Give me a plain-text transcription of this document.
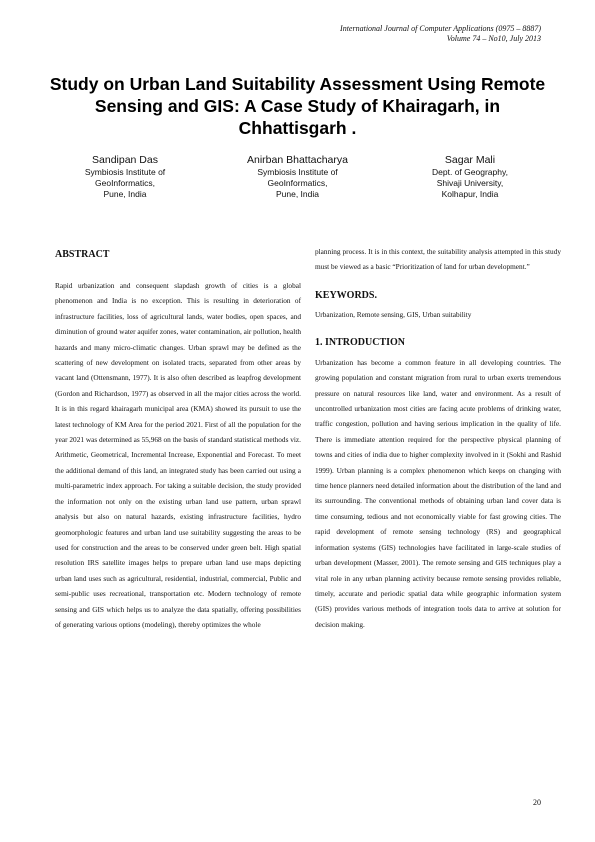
International Journal of Computer Applications (0975 – 8887)
Volume 74 – No10, July 2013
Study on Urban Land Suitability Assessment Using Remote Sensing and GIS: A Case Study of Khairagarh, in Chhattisgarh .
Sandipan Das
Symbiosis Institute of
GeoInformatics,
Pune, India
Anirban Bhattacharya
Symbiosis Institute of
GeoInformatics,
Pune, India
Sagar Mali
Dept. of Geography,
Shivaji University,
Kolhapur, India
ABSTRACT

Rapid urbanization and consequent slapdash growth of cities is a global phenomenon and India is no exception. This is resulting in deterioration of infrastructure facilities, loss of agricultural lands, water bodies, open spaces, and diminution of ground water aquifer zones, water contamination, air pollution, health hazards and many micro-climatic changes. Urban sprawl may be defined as the scattering of new development on isolated tracts, separated from other areas by vacant land (Ottensmann, 1977). It is also often described as leapfrog development (Gordon and Richardson, 1977) as observed in all the major cities across the world. It is in this regard khairagarh municipal area (KMA) showed its pursuit to use the latest technology of KM Area for the period 2021. First of all the population for the year 2021 was determined as 55,968 on the basis of standard statistical methods viz. Arithmetic, Geometrical, Incremental Increase, Exponential and Forecast. To meet the additional demand of this land, an integrated study has been carried out using a multi-parametric index approach. For taking a suitable decision, the study provided the information not only on the existing urban land use pattern, urban sprawl analysis but also on natural hazards, existing infrastructure facilities, hydro geomorphologic features and urban land use suitability suggesting the areas to be used for construction and the areas to be conserved under green belt. High spatial resolution IRS satellite images helps to prepare urban land use maps depicting urban land uses such as agricultural, residential, industrial, commercial, Public and semi-public uses recreational, transportation etc. Modern technology of remote sensing and GIS which helps us to analyze the data spatially, offering possibilities of generating various options (modeling), thereby optimizes the whole

planning process. It is in this context, the suitability analysis attempted in this study must be viewed as a basic “Prioritization of land for urban development.”

KEYWORDS.

Urbanization, Remote sensing, GIS, Urban suitability

1. INTRODUCTION

Urbanization has become a common feature in all developing countries. The growing population and constant migration from rural to urban exerts tremendous pressure on natural resources like land, water and environment. As a result of uncontrolled urbanization most cities are facing acute problems of drinking water, traffic congestion, pollution and having serious implication in the quality of life. There is immediate attention required for the perspective physical planning of towns and cities of india due to higher complexity involved in it (Sokhi and Rashid 1999). Urban planning is a complex phenomenon which keeps on changing with time hence planners need detailed information about the distribution of the land and its surrounding. The conventional methods of obtaining urban land cover data is time consuming, tedious and not economically viable for fast growing cities. The rapid development of remote sensing technology (RS) and geographical information systems (GIS) technologies have facilitated in large-scale studies of urban development (Masser, 2001). The remote sensing and GIS techniques play a vital role in any urban planning activity because remote sensing provides reliable, timely, accurate and periodic spatial data while geographic information system (GIS) provides various methods of integration tools data to arrive at solution for decision making.

20
